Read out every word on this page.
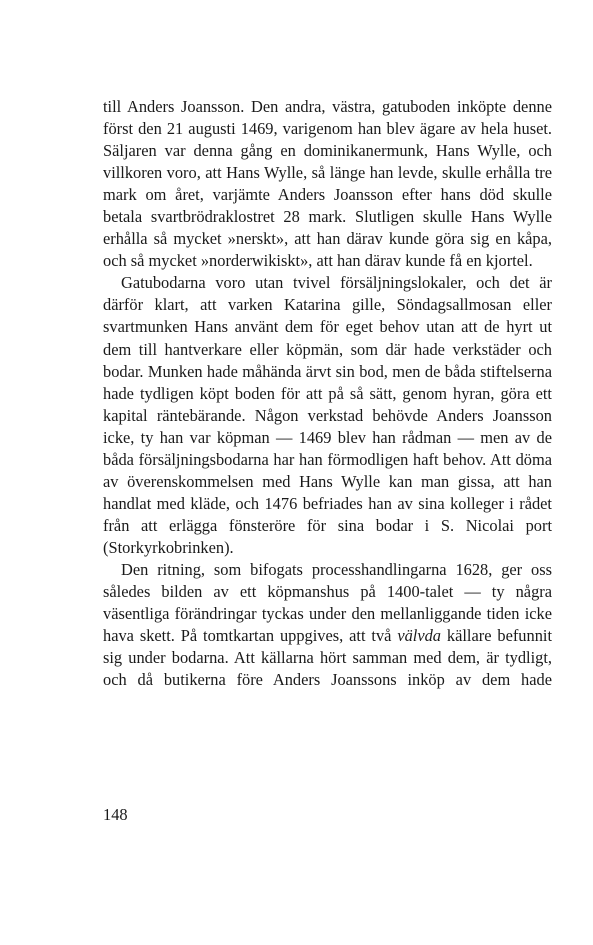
till Anders Joansson. Den andra, västra, gatuboden inköpte denne först den 21 augusti 1469, varigenom han blev ägare av hela huset. Säljaren var denna gång en dominikanermunk, Hans Wylle, och villkoren voro, att Hans Wylle, så länge han levde, skulle erhålla tre mark om året, varjämte Anders Joansson efter hans död skulle betala svartbrödraklostret 28 mark. Slutligen skulle Hans Wylle erhålla så mycket »nerskt», att han därav kunde göra sig en kåpa, och så mycket »norderwikiskt», att han därav kunde få en kjortel.

Gatubodarna voro utan tvivel försäljningslokaler, och det är därför klart, att varken Katarina gille, Söndagsallmosan eller svartmunken Hans använt dem för eget behov utan att de hyrt ut dem till hantverkare eller köpmän, som där hade verkstäder och bodar. Munken hade måhända ärvt sin bod, men de båda stiftelserna hade tydligen köpt boden för att på så sätt, genom hyran, göra ett kapital räntebärande. Någon verkstad behövde Anders Joansson icke, ty han var köpman — 1469 blev han rådman — men av de båda försäljningsbodarna har han förmodligen haft behov. Att döma av överenskommelsen med Hans Wylle kan man gissa, att han handlat med kläde, och 1476 befriades han av sina kolleger i rådet från att erlägga fönsteröre för sina bodar i S. Nicolai port (Storkyrkobrinken).

Den ritning, som bifogats processhandlingarna 1628, ger oss således bilden av ett köpmanshus på 1400-talet — ty några väsentliga förändringar tyckas under den mellanliggande tiden icke hava skett. På tomtkartan uppgives, att två välvda källare befunnit sig under bodarna. Att källarna hört samman med dem, är tydligt, och då butikerna före Anders Joanssons inköp av dem hade

148
